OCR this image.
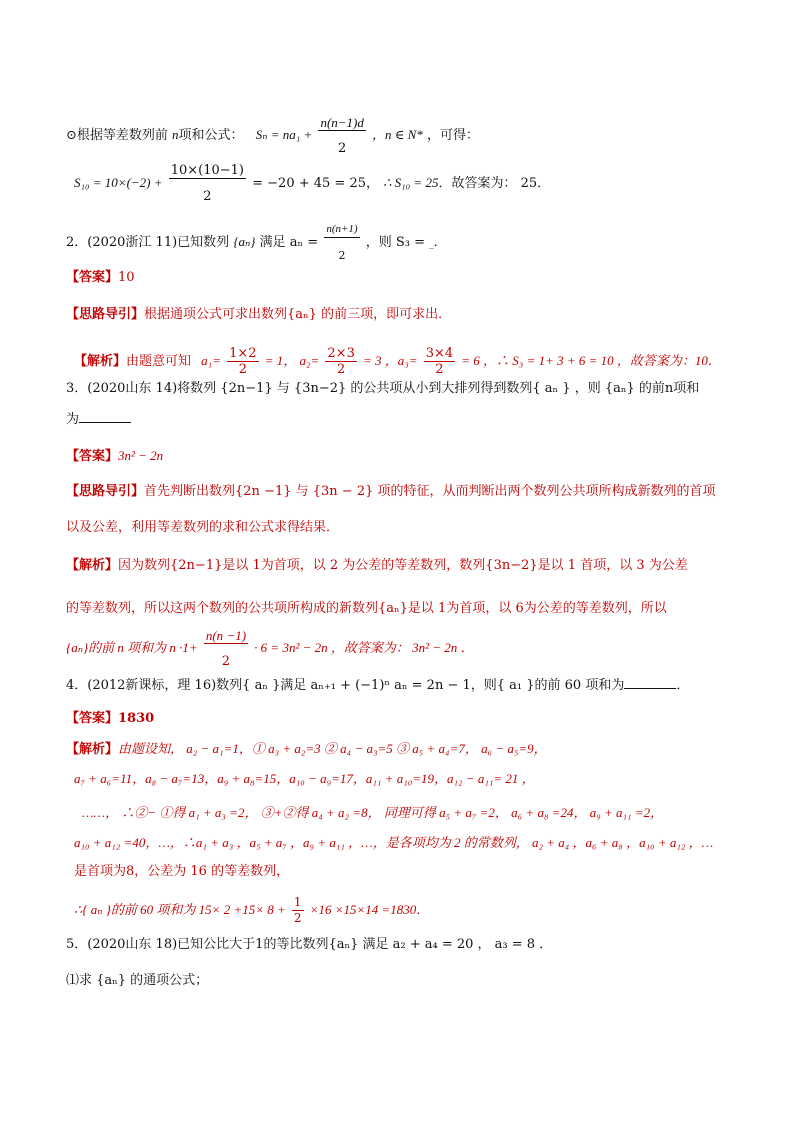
⊙根据等差数列前 n项和公式： $S_n = na_1 + \frac{n(n-1)d}{2}$ ，n ∈ N* ，可得：
$S_{10} = 10\times(-2) + \frac{10\times(10-1)}{2} = -20 + 45 = 25$， ∴ S₁₀ = 25．故答案为： 25．
2．(2020浙江 11)已知数列 {aₙ} 满足 $a_n = \frac{n(n+1)}{2}$ ，则 S₃ = _．
【答案】10
【思路导引】根据通项公式可求出数列{aₙ} 的前三项，即可求出．
【解析】由题意可知 $a_1= \frac{1\times 2}{2} = 1$， $a_2= \frac{2\times 3}{2} = 3$ ，$a_3= \frac{3\times 4}{2} = 6$ ，∴ S₃ = 1+ 3 + 6 = 10 ，故答案为：10．
3．(2020山东 14)将数列 {2n−1} 与 {3n−2} 的公共项从小到大排列得到数列{ aₙ } ，则 {aₙ} 的前n项和
为
【答案】3n² − 2n
【思路导引】首先判断出数列{2n −1} 与 {3n − 2} 项的特征，从而判断出两个数列公共项所构成新数列的首项
以及公差，利用等差数列的求和公式求得结果．
【解析】因为数列{2n−1}是以 1为首项，以 2 为公差的等差数列，数列{3n−2}是以 1 首项，以 3 为公差
的等差数列，所以这两个数列的公共项所构成的新数列{aₙ}是以 1为首项，以 6为公差的等差数列，所以
{aₙ}的前 n 项和为 $n \cdot 1+ \frac{n(n -1)}{2} \cdot 6 = 3n^2 - 2n$ ，故答案为： 3n² − 2n ．
4．(2012新课标，理 16)数列{ aₙ }满足 aₙ₊₁ + (−1)ⁿ aₙ = 2n − 1，则{ a₁ }的前 60 项和为	．
【答案】1830
【解析】由题设知， a₂ − a₁=1，① a₃ + a₂=3 ② a₄ − a₃=5 ③ a₅ + a₄=7， a₆ − a₅=9，
a₇ + a₆=11，a₈ − a₇=13，a₉ + a₈=15，a₁₀ − a₉=17，a₁₁ + a₁₀=19，a₁₂ − a₁₁= 21 ，
……， ∴②− ①得 a₁ + a₃ =2， ③+②得 a₄ + a₂ =8， 同理可得 a₅ + a₇ =2， a₆ + a₈ =24， a₉ + a₁₁ =2，
a₁₀ + a₁₂ =40，…，∴a₁ + a₃ ，a₅ + a₇ ，a₉ + a₁₁ ，…，是各项均为 2 的常数列， a₂ + a₄ ，a₆ + a₈ ，a₁₀ + a₁₂ ，…
是首项为8，公差为 16 的等差数列，
∴{ aₙ }的前 60 项和为 $15\times 2 +15\times 8 + \frac{1}{2} \times 16 \times 15\times 14 =1830$．
5．(2020山东 18)已知公比大于1的等比数列{aₙ} 满足 a₂ + a₄ = 20 ， a₃ = 8 ．
⑴求 {aₙ} 的通项公式；
